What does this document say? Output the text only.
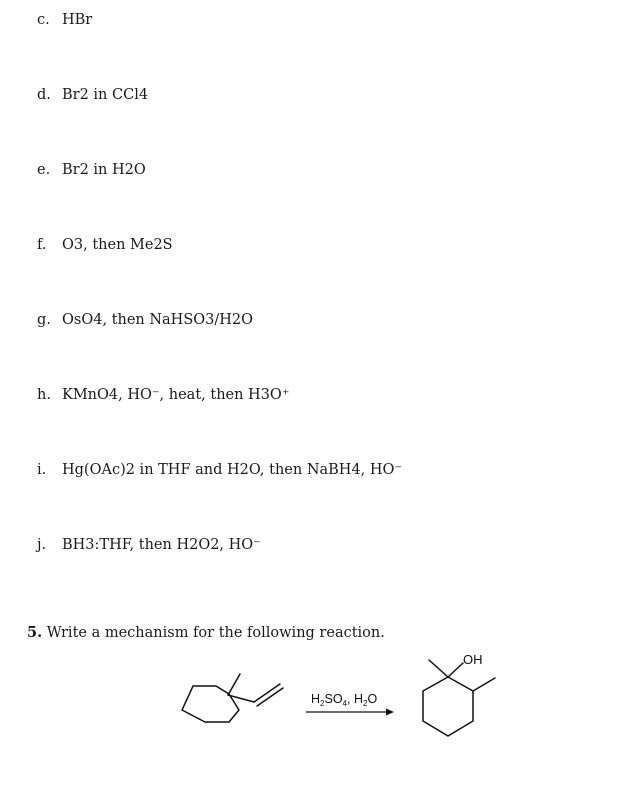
c. HBr
d. Br2 in CCl4
e. Br2 in H2O
f. O3, then Me2S
g. OsO4, then NaHSO3/H2O
h. KMnO4, HO⁻, heat, then H3O⁺
i. Hg(OAc)2 in THF and H2O, then NaBH4, HO⁻
j. BH3:THF, then H2O2, HO⁻
5. Write a mechanism for the following reaction.
$H_2SO_4$, $H_2O$
OH
